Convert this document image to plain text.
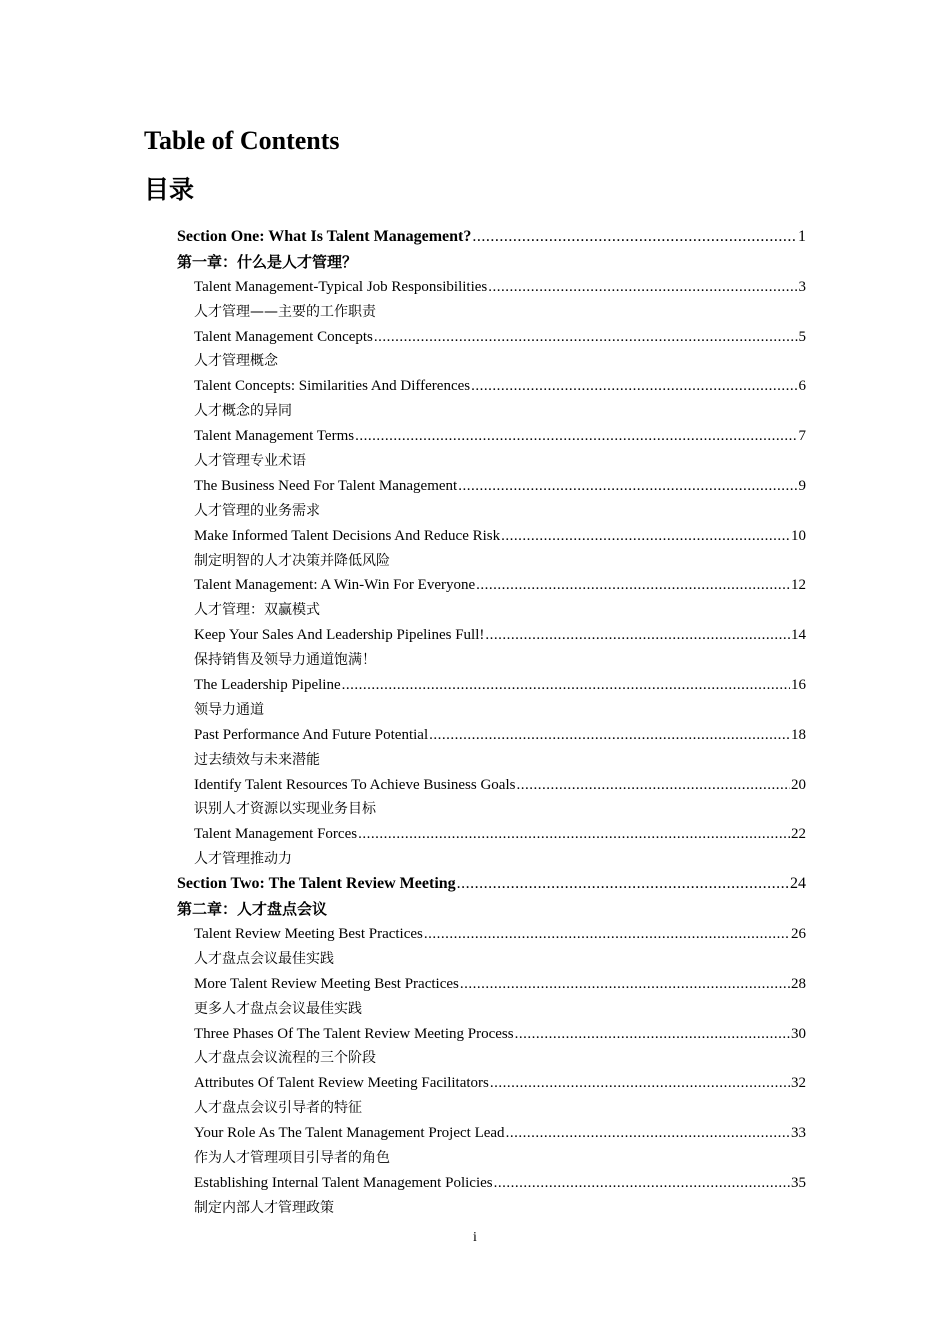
Table of Contents
目录
Section One: What Is Talent Management? .....	1
第一章：什么是人才管理？
Talent Management-Typical Job Responsibilities .....	3
人才管理——主要的工作职责
Talent Management Concepts .....	5
人才管理概念
Talent Concepts: Similarities And Differences .....	6
人才概念的异同
Talent Management Terms .....	7
人才管理专业术语
The Business Need For Talent Management .....	9
人才管理的业务需求
Make Informed Talent Decisions And Reduce Risk .....	10
制定明智的人才决策并降低风险
Talent Management: A Win-Win For Everyone .....	12
人才管理：双赢模式
Keep Your Sales And Leadership Pipelines Full! .....	14
保持销售及领导力通道饱满！
The Leadership Pipeline .....	16
领导力通道
Past Performance And Future Potential .....	18
过去绩效与未来潜能
Identify Talent Resources To Achieve Business Goals .....	20
识别人才资源以实现业务目标
Talent Management Forces .....	22
人才管理推动力
Section Two: The Talent Review Meeting .....	24
第二章：人才盘点会议
Talent Review Meeting Best Practices .....	26
人才盘点会议最佳实践
More Talent Review Meeting Best Practices .....	28
更多人才盘点会议最佳实践
Three Phases Of The Talent Review Meeting Process .....	30
人才盘点会议流程的三个阶段
Attributes Of Talent Review Meeting Facilitators .....	32
人才盘点会议引导者的特征
Your Role As The Talent Management Project Lead .....	33
作为人才管理项目引导者的角色
Establishing Internal Talent Management Policies .....	35
制定内部人才管理政策
i
